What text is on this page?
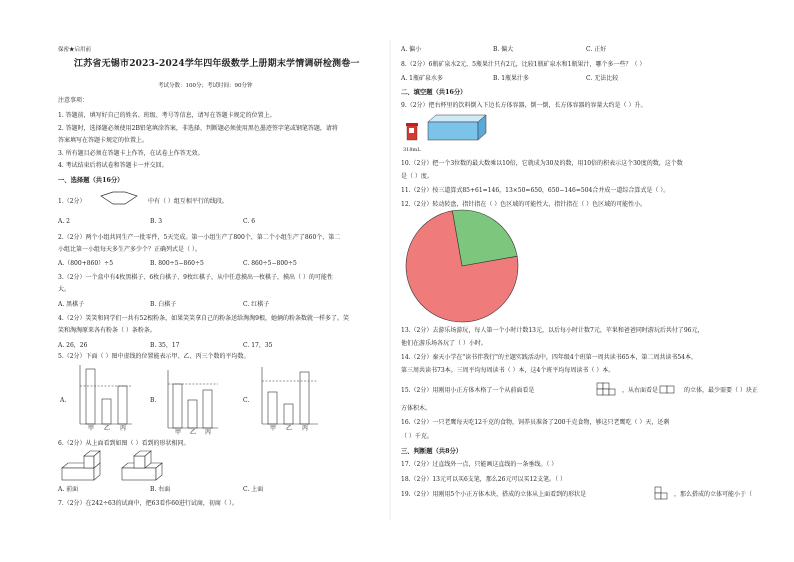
保密★启用前
江苏省无锡市2023-2024学年四年级数学上册期末学情调研检测卷一
考试分数：100分；考试时间：90分钟
注意事项：
1. 答题前，填写好自己的姓名、班级、考号等信息，请写在答题卡规定的位置上。
2. 答题时，选择题必须使用2B铅笔填涂答案，非选择、判断题必须使用黑色墨迹签字笔或钢笔答题，请将
答案填写在答题卡规定的位置上。
3. 所有题目必须在答题卡上作答，在试卷上作答无效。
4. 考试结束后将试卷和答题卡一并交回。
一、选择题（共16分）
1.（2分）	中有（ ）组互相平行的线段。
A. 2	B. 3	C. 6
2.（2分）两个小组共同生产一批零件，5天完成。第一小组生产了800个，第二个小组生产了860个，第二
小组比第一小组每天多生产多少个？正确列式是（ ）。
A.（800+860）÷5	B. 800÷5−860÷5	C. 860÷5−800÷5
3.（2分）一个盒中有4枚黑棋子、6枚白棋子、9枚红棋子，从中任意摸出一枚棋子，摸出（ ）的可能性
大。
A. 黑棋子	B. 白棋子	C. 红棋子
4.（2分）笑笑和同学们一共有52根粉条，如果笑笑拿自己的粉条送给淘淘9根，她俩的粉条数就一样多了。笑
笑和淘淘原来各有粉条（ ）条粉条。
A. 26，26	B. 35，17	C. 17，35
5.（2分）下面（ ）图中虚线的位置能表示甲、乙、丙三个数的平均数。
A.	B.	C.
甲 乙 丙
甲 乙 丙
甲 乙 丙
6.（2分）从上面看到如图（ ）看到的形状相同。
A. 前面	B. 右面	C. 上面
7.（2分）在242÷63的试商中，把63看作60进行试商，初商（ ）。
A. 偏小	B. 偏大	C. 正好
8.（2分）6瓶矿泉水2元，5瓶果汁只有2元，比较1瓶矿泉水和1瓶果汁，哪个多一些？（ ）
A. 1瓶矿泉水多	B. 1瓶果汁多	C. 无法比较
二、填空题（共16分）
9.（2分）把右杯里的饮料倒入下边长方体容器，倒一倒，长方体容器的容量大约是（ ）升。
318mL
10.（2分）把一个3位数的最大数乘以10倍，它就成为30及的数，用10倍的积表示这个30度的数，这个数
是（ ）度。
11.（2分）按三道算式85+61=146，13×50=650，650−146=504合并成一道综合算式是（ ）。
12.（2分）转动转盘，指针指在（ ）色区域的可能性大，指针指在（ ）色区域的可能性小。
13.（2分）去游乐场游玩，每人第一个小时计数13元，以后每小时计数7元，苹果和爸爸同时游玩后共付了96元，
他们在游乐场各玩了（ ）小时。
14.（2分）秦天小学在"读书伴我行"的主题实践活动中，四年级4个班第一周共读书65本，第二周共读书54本，
第三周共读书73本。三周平均每周读书（ ）本，这4个班平均每周读书（ ）本。
15.（2分）用刚用小正方体木格了一个从前面看是	，从右面看是	的立体，最少需要（ ）块正
方体积木。
16.（2分）一只老鹰每天吃12千克的食物，饲养员准备了200千克食物，够这只老鹰吃（ ）天，还剩
（ ）千克。
三、判断题（共8分）
17.（2分）过直线外一点，只能画这直线的一条垂线。（ ）
18.（2分）13元可以买6支笔，那么26元可以买12支笔。（ ）
19.（2分）用刚用5个小正方体木块，搭成的立体从上面看到的形状是	，那么搭成的立体可能小于（
